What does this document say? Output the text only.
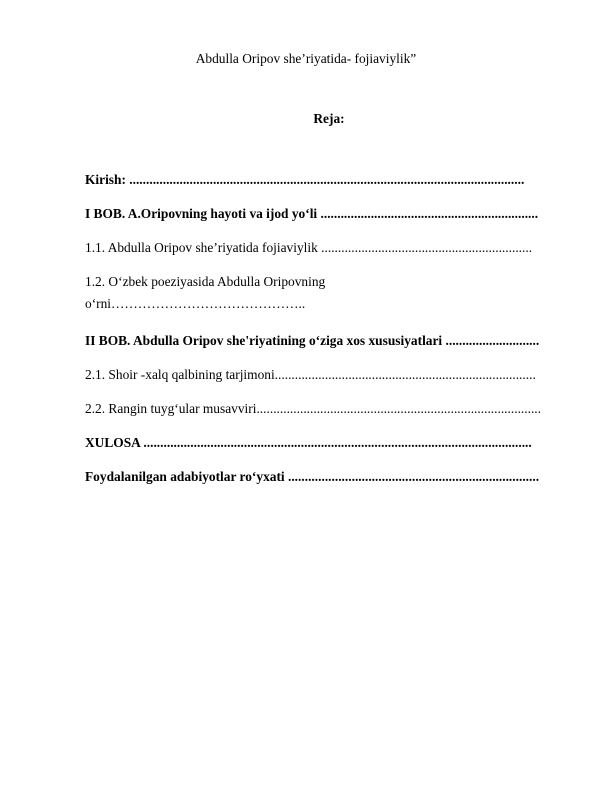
Abdulla Oripov she’riyatida- fojiaviylik”
Reja:
Kirish: ......................................................................................................................
I BOB. A.Oripovning hayoti va ijod yo‘li .................................................................
1.1. Abdulla Oripov she’riyatida fojiaviylik ...............................................................
1.2. O‘zbek poeziyasida Abdulla Oripovning
o‘rni……………………………………..
II BOB. Abdulla Oripov she'riyatining o‘ziga xos xususiyatlari ............................
2.1. Shoir -xalq qalbining tarjimoni..............................................................................
2.2. Rangin tuyg‘ular musavviri.....................................................................................
XULOSA ....................................................................................................................
Foydalanilgan adabiyotlar ro‘yxati ...........................................................................
